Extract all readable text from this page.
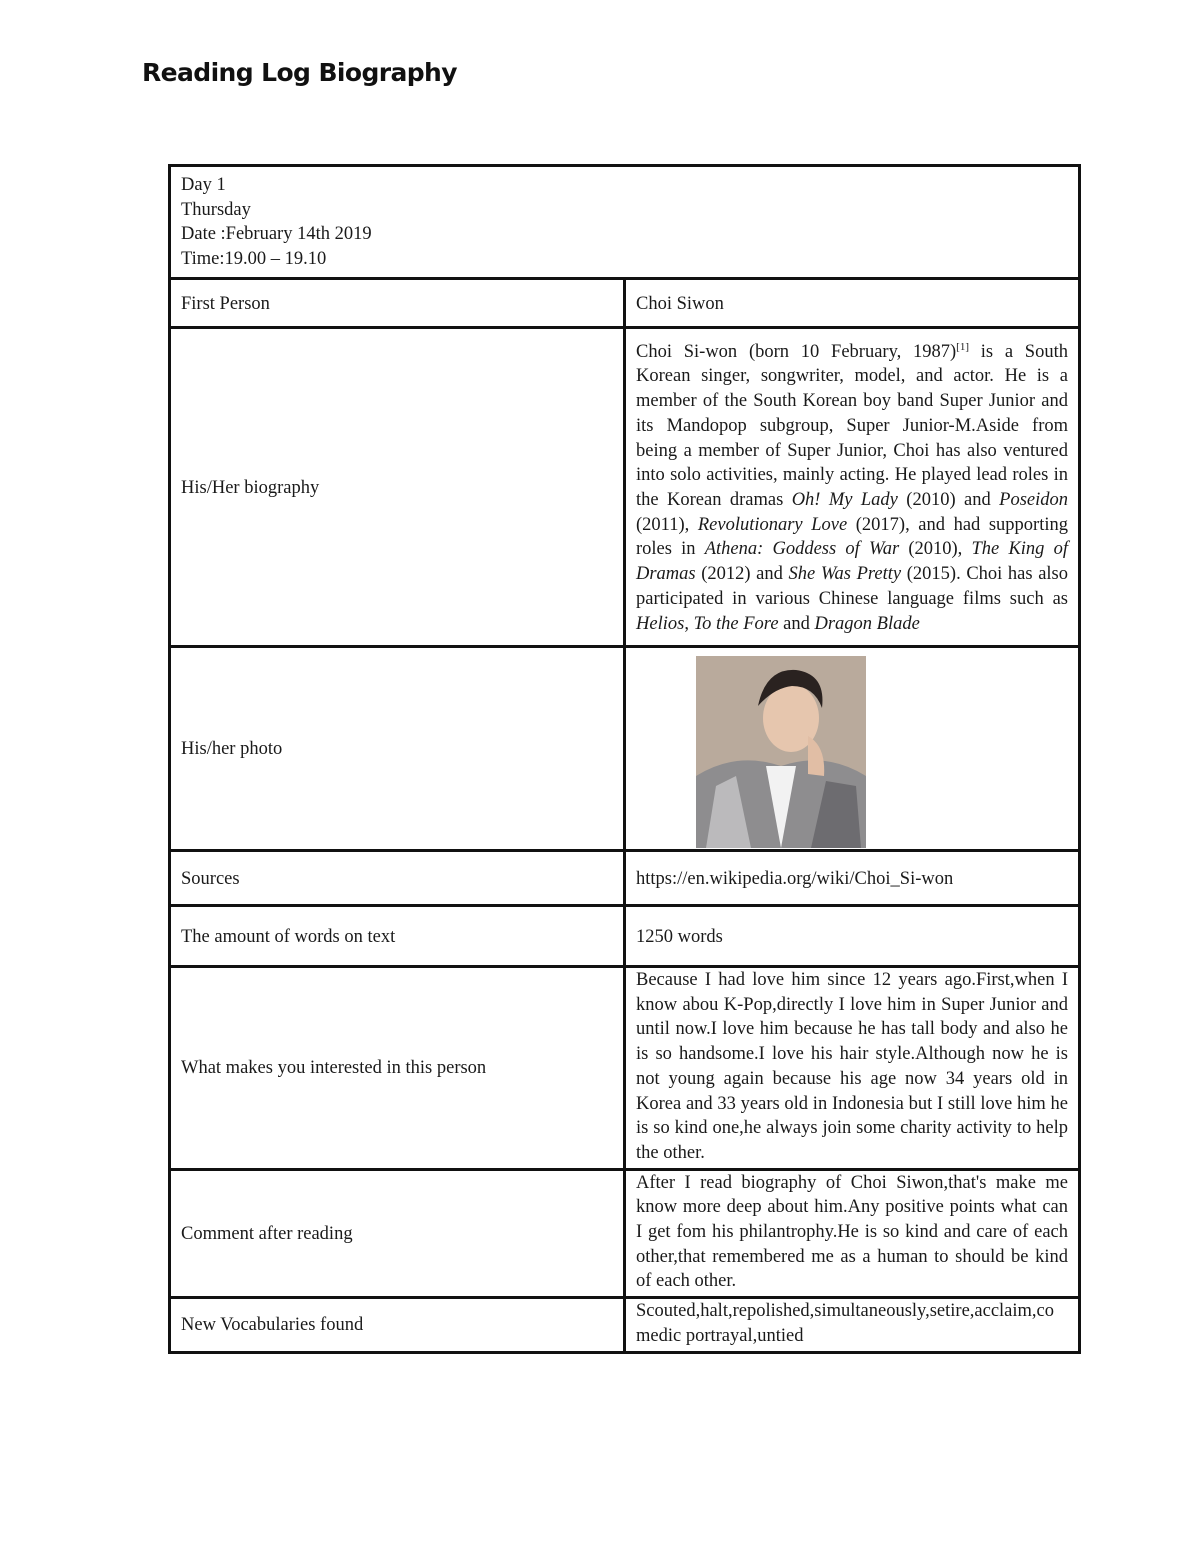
Reading Log Biography
Day 1
Thursday
Date :February 14th 2019
Time:19.00 – 19.10	

First Person	Choi Siwon
His/Her biography	Choi Si-won (born 10 February, 1987)[1] is a South Korean singer, songwriter, model, and actor. He is a member of the South Korean boy band Super Junior and its Mandopop subgroup, Super Junior-M.Aside from being a member of Super Junior, Choi has also ventured into solo activities, mainly acting. He played lead roles in the Korean dramas Oh! My Lady (2010) and Poseidon (2011), Revolutionary Love (2017), and had supporting roles in Athena: Goddess of War (2010), The King of Dramas (2012) and She Was Pretty (2015). Choi has also participated in various Chinese language films such as Helios, To the Fore and Dragon Blade
His/her photo	

Sources	https://en.wikipedia.org/wiki/Choi_Si-won
The amount of words on text	1250 words
What makes you interested in this person	Because I had love him since 12 years ago.First,when I know abou K-Pop,directly I love him in Super Junior and until now.I love him because he has tall body and also he is so handsome.I love his hair style.Although now he is not young again because his age now 34 years old in Korea and 33 years old in Indonesia but I still love him he is so kind one,he always join some charity activity to help the other.
Comment after reading	After I read biography of Choi Siwon,that's make me know more deep about him.Any positive points what can I get fom his philantrophy.He is so kind and care of each other,that remembered me as a human to should be kind of each other.
New Vocabularies found	Scouted,halt,repolished,simultaneously,setire,acclaim,comedic portrayal,untied
